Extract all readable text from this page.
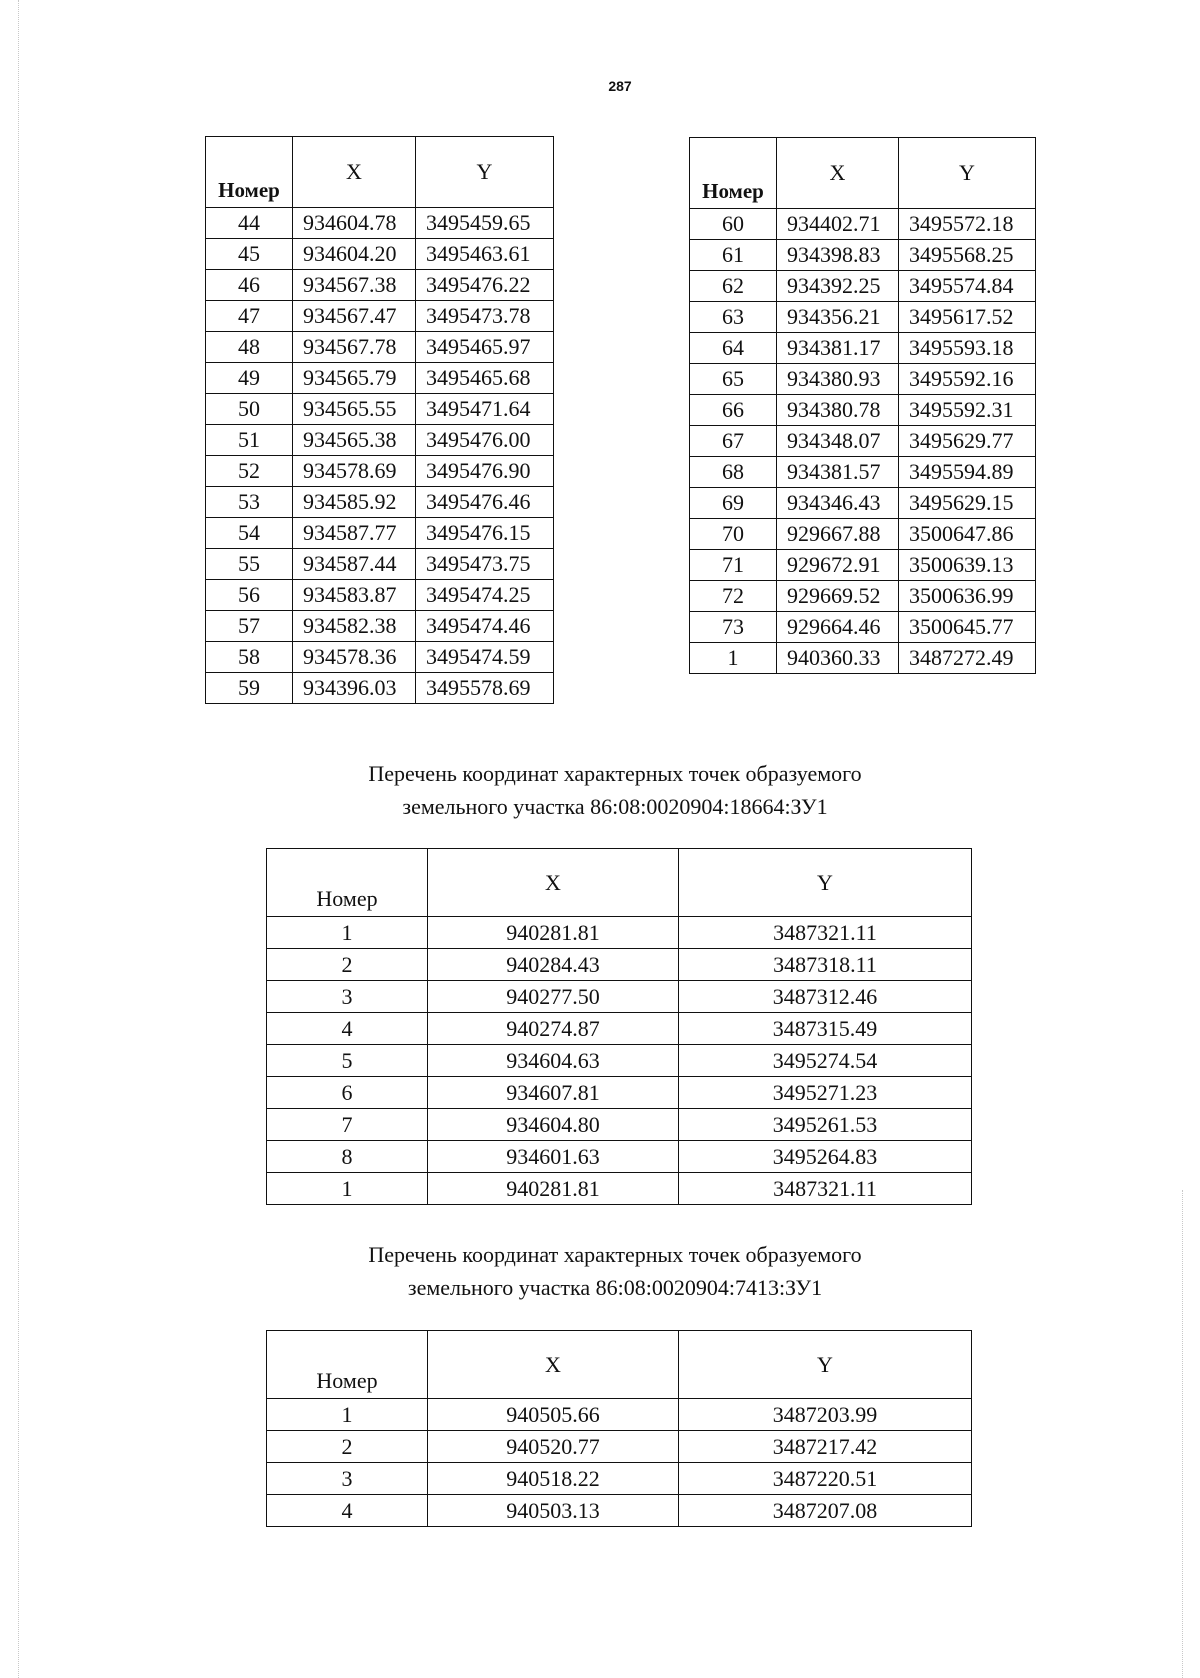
287
Номер	X	Y
44	934604.78	3495459.65
45	934604.20	3495463.61
46	934567.38	3495476.22
47	934567.47	3495473.78
48	934567.78	3495465.97
49	934565.79	3495465.68
50	934565.55	3495471.64
51	934565.38	3495476.00
52	934578.69	3495476.90
53	934585.92	3495476.46
54	934587.77	3495476.15
55	934587.44	3495473.75
56	934583.87	3495474.25
57	934582.38	3495474.46
58	934578.36	3495474.59
59	934396.03	3495578.69
Номер	X	Y
60	934402.71	3495572.18
61	934398.83	3495568.25
62	934392.25	3495574.84
63	934356.21	3495617.52
64	934381.17	3495593.18
65	934380.93	3495592.16
66	934380.78	3495592.31
67	934348.07	3495629.77
68	934381.57	3495594.89
69	934346.43	3495629.15
70	929667.88	3500647.86
71	929672.91	3500639.13
72	929669.52	3500636.99
73	929664.46	3500645.77
1	940360.33	3487272.49
Перечень координат характерных точек образуемого
земельного участка 86:08:0020904:18664:ЗУ1
Номер	X	Y
1	940281.81	3487321.11
2	940284.43	3487318.11
3	940277.50	3487312.46
4	940274.87	3487315.49
5	934604.63	3495274.54
6	934607.81	3495271.23
7	934604.80	3495261.53
8	934601.63	3495264.83
1	940281.81	3487321.11
Перечень координат характерных точек образуемого
земельного участка 86:08:0020904:7413:ЗУ1
Номер	X	Y
1	940505.66	3487203.99
2	940520.77	3487217.42
3	940518.22	3487220.51
4	940503.13	3487207.08
